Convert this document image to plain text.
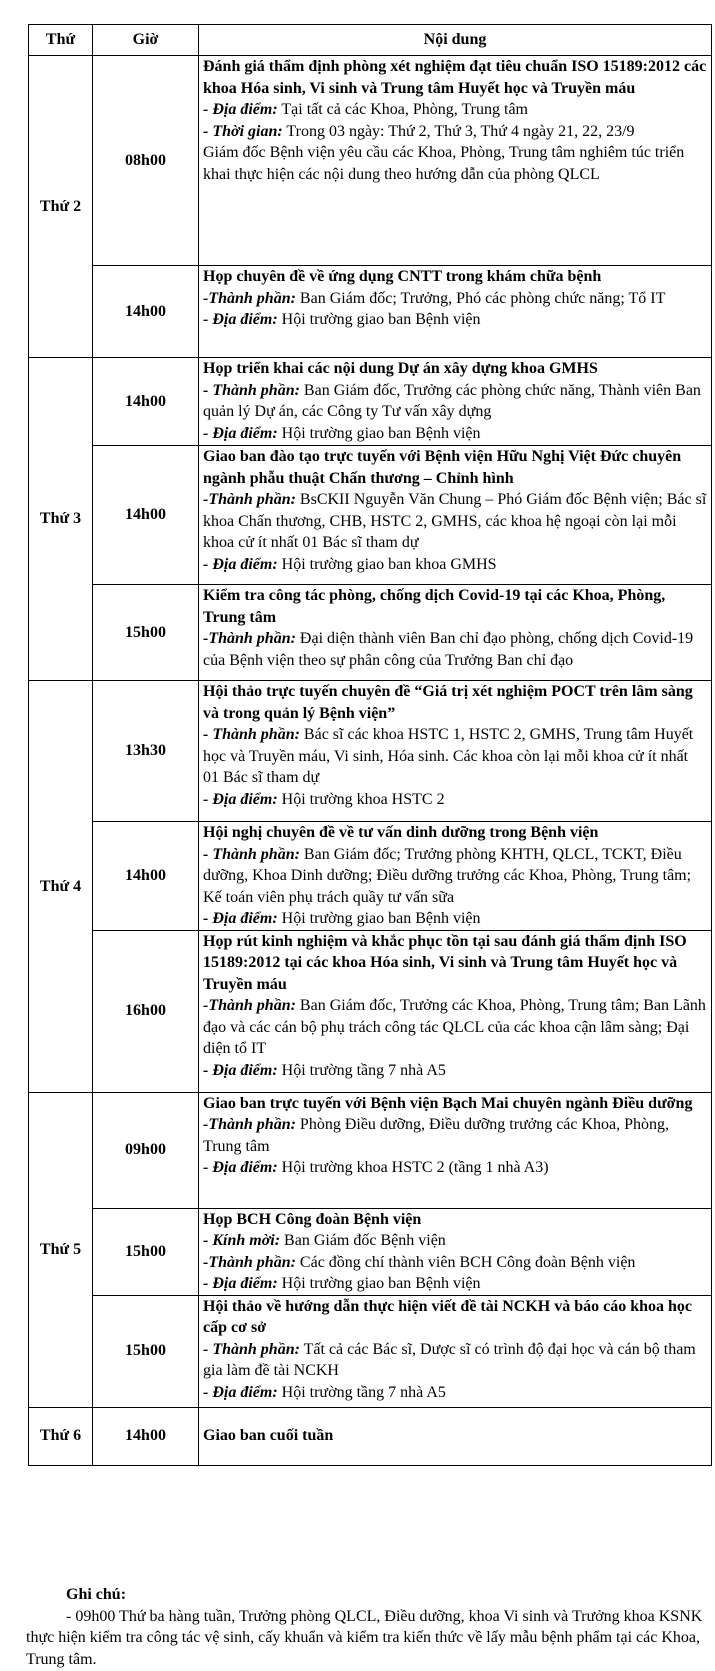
Thứ	Giờ	Nội dung
Thứ 2	08h00	Đánh giá thẩm định phòng xét nghiệm đạt tiêu chuẩn ISO 15189:2012 các khoa Hóa sinh, Vi sinh và Trung tâm Huyết học và Truyền máu
- Địa điểm: Tại tất cả các Khoa, Phòng, Trung tâm
- Thời gian: Trong 03 ngày: Thứ 2, Thứ 3, Thứ 4 ngày 21, 22, 23/9
Giám đốc Bệnh viện yêu cầu các Khoa, Phòng, Trung tâm nghiêm túc triển khai thực hiện các nội dung theo hướng dẫn của phòng QLCL

	14h00	Họp chuyên đề về ứng dụng CNTT trong khám chữa bệnh
-Thành phần: Ban Giám đốc; Trưởng, Phó các phòng chức năng; Tổ IT
- Địa điểm: Hội trường giao ban Bệnh viện

Thứ 3	14h00	Họp triển khai các nội dung Dự án xây dựng khoa GMHS
- Thành phần: Ban Giám đốc, Trưởng các phòng chức năng, Thành viên Ban quản lý Dự án, các Công ty Tư vấn xây dựng
- Địa điểm: Hội trường giao ban Bệnh viện

	14h00	Giao ban đào tạo trực tuyến với Bệnh viện Hữu Nghị Việt Đức chuyên ngành phẫu thuật Chấn thương – Chỉnh hình
-Thành phần: BsCKII Nguyễn Văn Chung – Phó Giám đốc Bệnh viện; Bác sĩ khoa Chấn thương, CHB, HSTC 2, GMHS, các khoa hệ ngoại còn lại mỗi khoa cử ít nhất 01 Bác sĩ tham dự
- Địa điểm: Hội trường giao ban khoa GMHS

	15h00	Kiểm tra công tác phòng, chống dịch Covid-19 tại các Khoa, Phòng, Trung tâm
-Thành phần: Đại diện thành viên Ban chỉ đạo phòng, chống dịch Covid-19 của Bệnh viện theo sự phân công của Trưởng Ban chỉ đạo

Thứ 4	13h30	Hội thảo trực tuyến chuyên đề “Giá trị xét nghiệm POCT trên lâm sàng và trong quản lý Bệnh viện”
- Thành phần: Bác sĩ các khoa HSTC 1, HSTC 2, GMHS, Trung tâm Huyết học và Truyền máu, Vi sinh, Hóa sinh. Các khoa còn lại mỗi khoa cử ít nhất 01 Bác sĩ tham dự
- Địa điểm: Hội trường khoa HSTC 2

	14h00	Hội nghị chuyên đề về tư vấn dinh dưỡng trong Bệnh viện
- Thành phần: Ban Giám đốc; Trưởng phòng KHTH, QLCL, TCKT, Điều dưỡng, Khoa Dinh dưỡng; Điều dưỡng trưởng các Khoa, Phòng, Trung tâm; Kế toán viên phụ trách quầy tư vấn sữa
- Địa điểm: Hội trường giao ban Bệnh viện

	16h00	Họp rút kinh nghiệm và khắc phục tồn tại sau đánh giá thẩm định ISO 15189:2012 tại các khoa Hóa sinh, Vi sinh và Trung tâm Huyết học và Truyền máu
-Thành phần: Ban Giám đốc, Trưởng các Khoa, Phòng, Trung tâm; Ban Lãnh đạo và các cán bộ phụ trách công tác QLCL của các khoa cận lâm sàng; Đại diện tổ IT
- Địa điểm: Hội trường tầng 7 nhà A5

Thứ 5	09h00	Giao ban trực tuyến với Bệnh viện Bạch Mai chuyên ngành Điều dưỡng
-Thành phần: Phòng Điều dưỡng, Điều dưỡng trưởng các Khoa, Phòng, Trung tâm
- Địa điểm: Hội trường khoa HSTC 2 (tầng 1 nhà A3)

	15h00	Họp BCH Công đoàn Bệnh viện
- Kính mời: Ban Giám đốc Bệnh viện
-Thành phần: Các đồng chí thành viên BCH Công đoàn Bệnh viện
- Địa điểm: Hội trường giao ban Bệnh viện

	15h00	Hội thảo về hướng dẫn thực hiện viết đề tài NCKH và báo cáo khoa học cấp cơ sở
- Thành phần: Tất cả các Bác sĩ, Dược sĩ có trình độ đại học và cán bộ tham gia làm đề tài NCKH
- Địa điểm: Hội trường tầng 7 nhà A5

Thứ 6	14h00	Giao ban cuối tuần

Ghi chú:

- 09h00 Thứ ba hàng tuần, Trưởng phòng QLCL, Điều dưỡng, khoa Vi sinh và Trưởng khoa KSNK thực hiện kiểm tra công tác vệ sinh, cấy khuẩn và kiểm tra kiến thức về lấy mẫu bệnh phẩm tại các Khoa, Trung tâm.
